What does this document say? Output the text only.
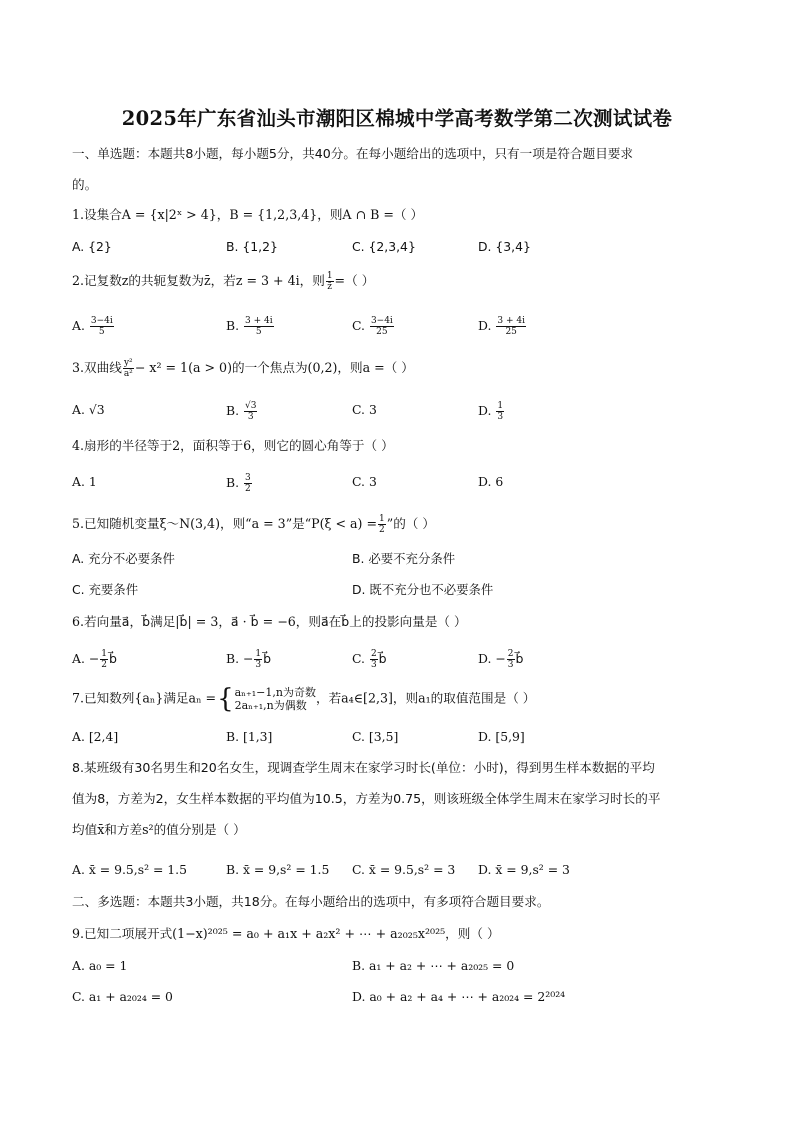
2025年广东省汕头市潮阳区棉城中学高考数学第二次测试试卷
一、单选题：本题共8小题，每小题5分，共40分。在每小题给出的选项中，只有一项是符合题目要求
的。
1.设集合A = {x|2ˣ > 4}，B = {1,2,3,4}，则A ∩ B =（ ）
A. {2}	B. {1,2}	C. {2,3,4}	D. {3,4}
2.记复数z的共轭复数为z̄，若z = 3 + 4i，则 $\frac{1}{z̄}$ =（ ）
A. $\frac{3-4i}{5}$	B. $\frac{3 + 4i}{5}$	C. $\frac{3-4i}{25}$	D. $\frac{3 + 4i}{25}$
3.双曲线 $\frac{\text{y²}}{\text{a²}} - x^2 = 1(a > 0)$的一个焦点为(0,2)，则a =（ ）
A. √3	B. $\frac{√3}{3}$	C. 3	D. $\frac{1}{3}$
4.扇形的半径等于2，面积等于6，则它的圆心角等于（ ）
A. 1	B. $\frac{3}{2}$	C. 3	D. 6
5.已知随机变量ξ～N(3,4)，则“a = 3”是“$P(\xi < a) = \frac{1}{2}$ ”的（ ）
A. 充分不必要条件	B. 必要不充分条件
C. 充要条件	D. 既不充分也不必要条件
6.若向量a⃗，b⃗满足|b⃗| = 3，a⃗ · b⃗ = −6，则a⃗在b⃗上的投影向量是（ ）
A. − $\frac{1}{2}$ b⃗	B. − $\frac{1}{3}$ b⃗	C. $\frac{2}{3}$ b⃗	D. − $\frac{2}{3}$ b⃗
7.已知数列{aₙ}满足aₙ ={ aₙ₊₁−1,n为奇数
2aₙ₊₁,n为偶数 ，若a₄∈[2,3]，则a₁的取值范围是（ ）
A. [2,4]	B. [1,3]	C. [3,5]	D. [5,9]
8.某班级有30名男生和20名女生，现调查学生周末在家学习时长(单位：小时)，得到男生样本数据的平均
值为8，方差为2，女生样本数据的平均值为10.5，方差为0.75，则该班级全体学生周末在家学习时长的平
均值x̄和方差s²的值分别是（ ）
A. x̄ = 9.5,s² = 1.5	B. x̄ = 9,s² = 1.5 C. x̄ = 9.5,s² = 3 D. x̄ = 9,s² = 3
二、多选题：本题共3小题，共18分。在每小题给出的选项中，有多项符合题目要求。
9.已知二项展开式(1−x)²⁰²⁵ = a₀ + a₁x + a₂x² + ⋯ + a₂₀₂₅x²⁰²⁵，则（ ）
A. a₀ = 1	B. a₁ + a₂ + ⋯ + a₂₀₂₅ = 0
C. a₁ + a₂₀₂₄ = 0	D. a₀ + a₂ + a₄ + ⋯ + a₂₀₂₄ = 2²⁰²⁴
